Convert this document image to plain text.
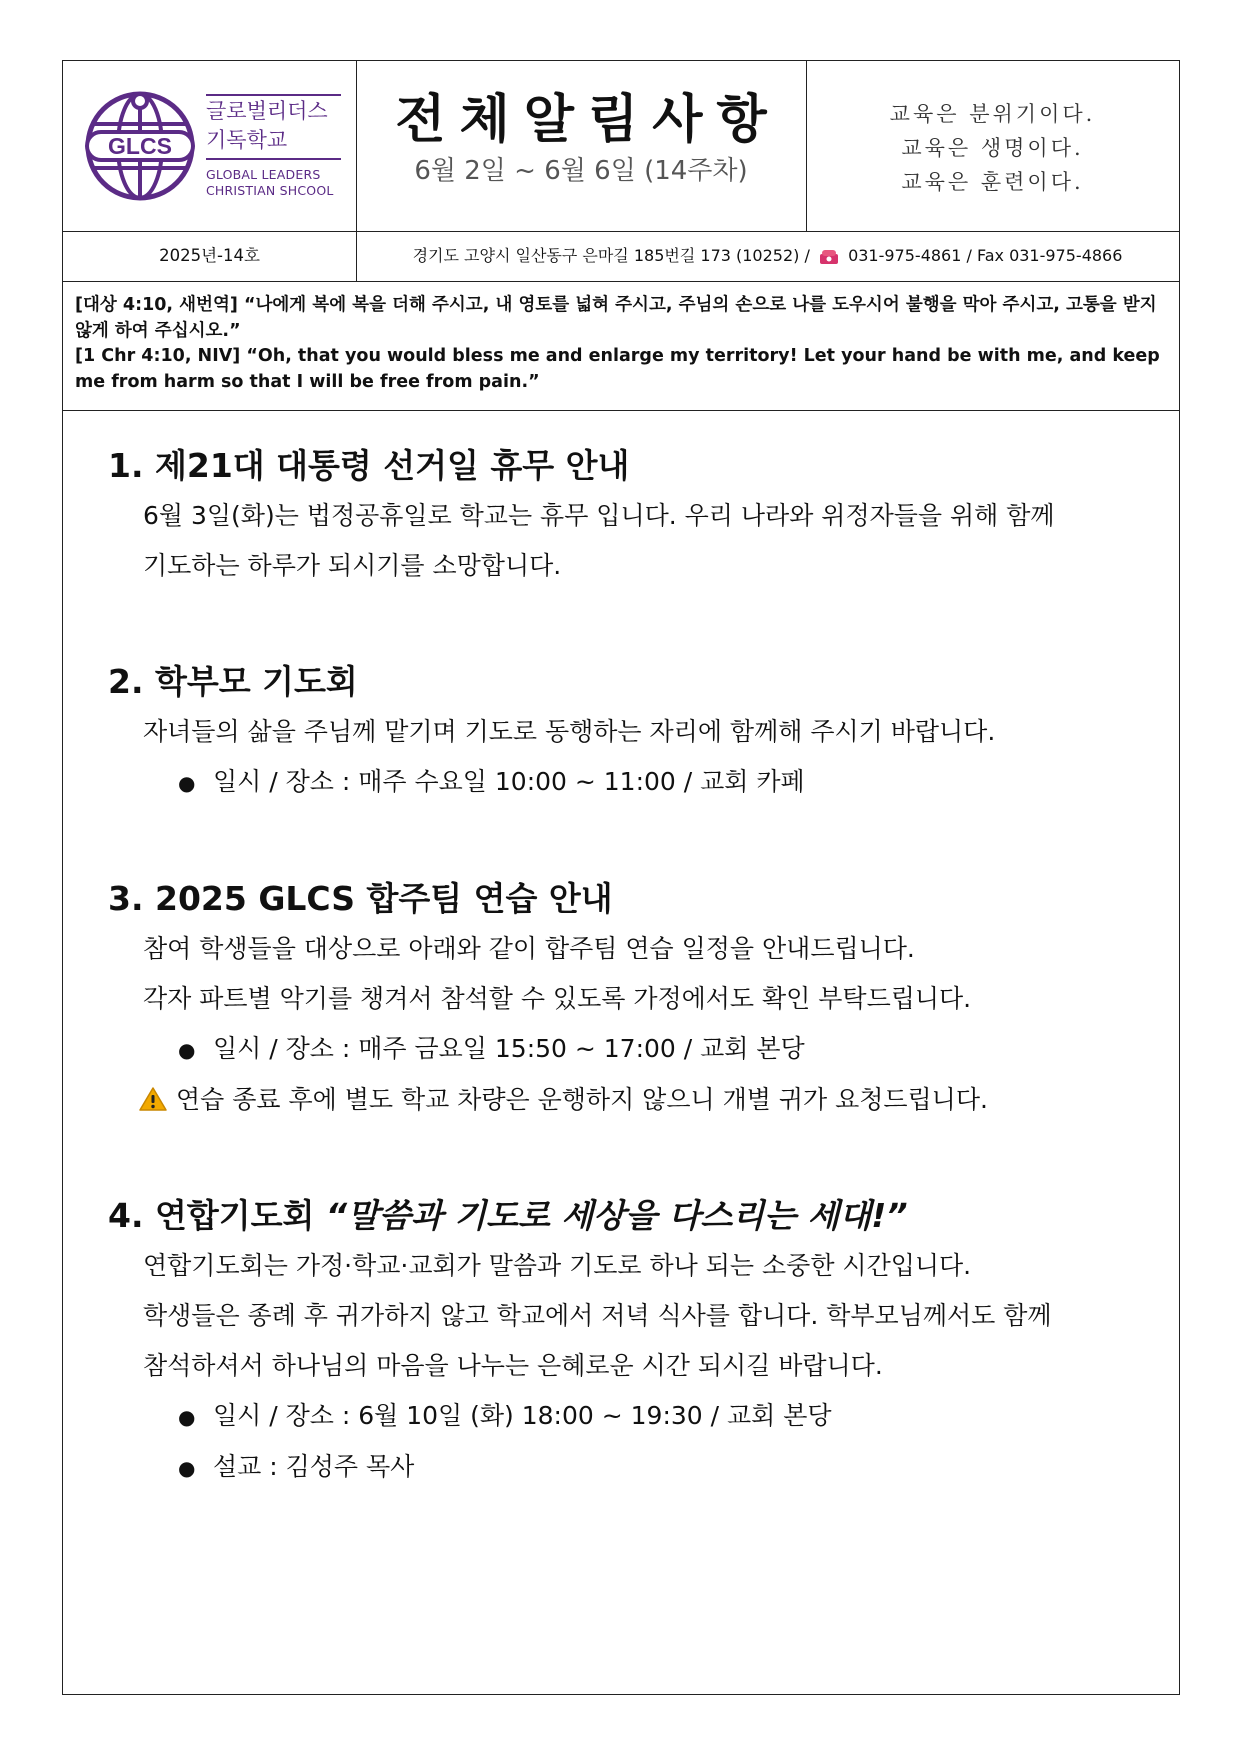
GLCS
글로벌리더스
기독학교
GLOBAL LEADERS
CHRISTIAN SHCOOL
전체알림사항
6월 2일 ~ 6월 6일 (14주차)
교육은 분위기이다.
교육은 생명이다.
교육은 훈련이다.
2025년-14호	경기도 고양시 일산동구 은마길 185번길 173 (10252) / 031-975-4861 / Fax 031-975-4866
[대상 4:10, 새번역] “나에게 복에 복을 더해 주시고, 내 영토를 넓혀 주시고, 주님의 손으로 나를 도우시어 불행을 막아 주시고, 고통을 받지 않게 하여 주십시오.”
[1 Chr 4:10, NIV] “Oh, that you would bless me and enlarge my territory! Let your hand be with me, and keep me from harm so that I will be free from pain.”
1. 제21대 대통령 선거일 휴무 안내

6월 3일(화)는 법정공휴일로 학교는 휴무 입니다. 우리 나라와 위정자들을 위해 함께

기도하는 하루가 되시기를 소망합니다.

2. 학부모 기도회

자녀들의 삶을 주님께 맡기며 기도로 동행하는 자리에 함께해 주시기 바랍니다.

● 일시 / 장소 : 매주 수요일 10:00 ~ 11:00 / 교회 카페

3. 2025 GLCS 합주팀 연습 안내

참여 학생들을 대상으로 아래와 같이 합주팀 연습 일정을 안내드립니다.

각자 파트별 악기를 챙겨서 참석할 수 있도록 가정에서도 확인 부탁드립니다.

● 일시 / 장소 : 매주 금요일 15:50 ~ 17:00 / 교회 본당

연습 종료 후에 별도 학교 차량은 운행하지 않으니 개별 귀가 요청드립니다.

4. 연합기도회 “말씀과 기도로 세상을 다스리는 세대!”

연합기도회는 가정·학교·교회가 말씀과 기도로 하나 되는 소중한 시간입니다.

학생들은 종례 후 귀가하지 않고 학교에서 저녁 식사를 합니다. 학부모님께서도 함께

참석하셔서 하나님의 마음을 나누는 은혜로운 시간 되시길 바랍니다.

● 일시 / 장소 : 6월 10일 (화) 18:00 ~ 19:30 / 교회 본당

● 설교 : 김성주 목사
